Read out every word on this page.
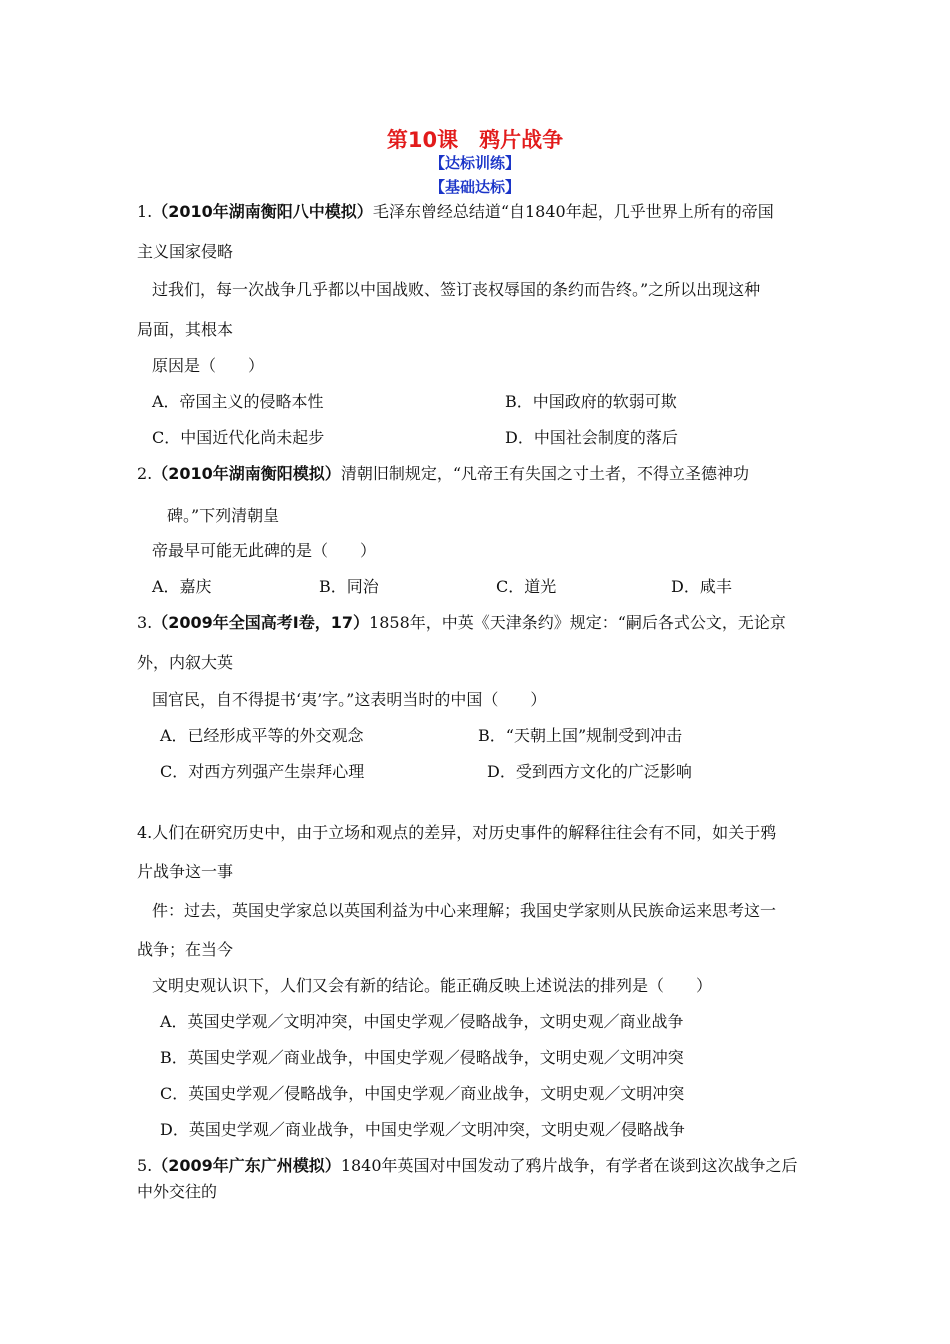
第10课　鸦片战争
【达标训练】
【基础达标】
1.（2010年湖南衡阳八中模拟）毛泽东曾经总结道“自1840年起，几乎世界上所有的帝国
主义国家侵略
过我们，每一次战争几乎都以中国战败、签订丧权辱国的条约而告终。”之所以出现这种
局面，其根本
原因是（　　）
A．帝国主义的侵略本性	B．中国政府的软弱可欺
C．中国近代化尚未起步	D．中国社会制度的落后
2.（2010年湖南衡阳模拟）清朝旧制规定，“凡帝王有失国之寸土者，不得立圣德神功
碑。”下列清朝皇
帝最早可能无此碑的是（　　）
A．嘉庆	B．同治	C．道光	D．咸丰
3.（2009年全国高考Ⅰ卷，17）1858年，中英《天津条约》规定：“嗣后各式公文，无论京
外，内叙大英
国官民，自不得提书‘夷’字。”这表明当时的中国（　　）
A．已经形成平等的外交观念	B．“天朝上国”规制受到冲击
C．对西方列强产生崇拜心理	D．受到西方文化的广泛影响
4.人们在研究历史中，由于立场和观点的差异，对历史事件的解释往往会有不同，如关于鸦
片战争这一事
件：过去，英国史学家总以英国利益为中心来理解；我国史学家则从民族命运来思考这一
战争；在当今
文明史观认识下，人们又会有新的结论。能正确反映上述说法的排列是（　　）
A．英国史学观／文明冲突，中国史学观／侵略战争，文明史观／商业战争
B．英国史学观／商业战争，中国史学观／侵略战争，文明史观／文明冲突
C．英国史学观／侵略战争，中国史学观／商业战争，文明史观／文明冲突
D．英国史学观／商业战争，中国史学观／文明冲突，文明史观／侵略战争
5.（2009年广东广州模拟）1840年英国对中国发动了鸦片战争，有学者在谈到这次战争之后
中外交往的
